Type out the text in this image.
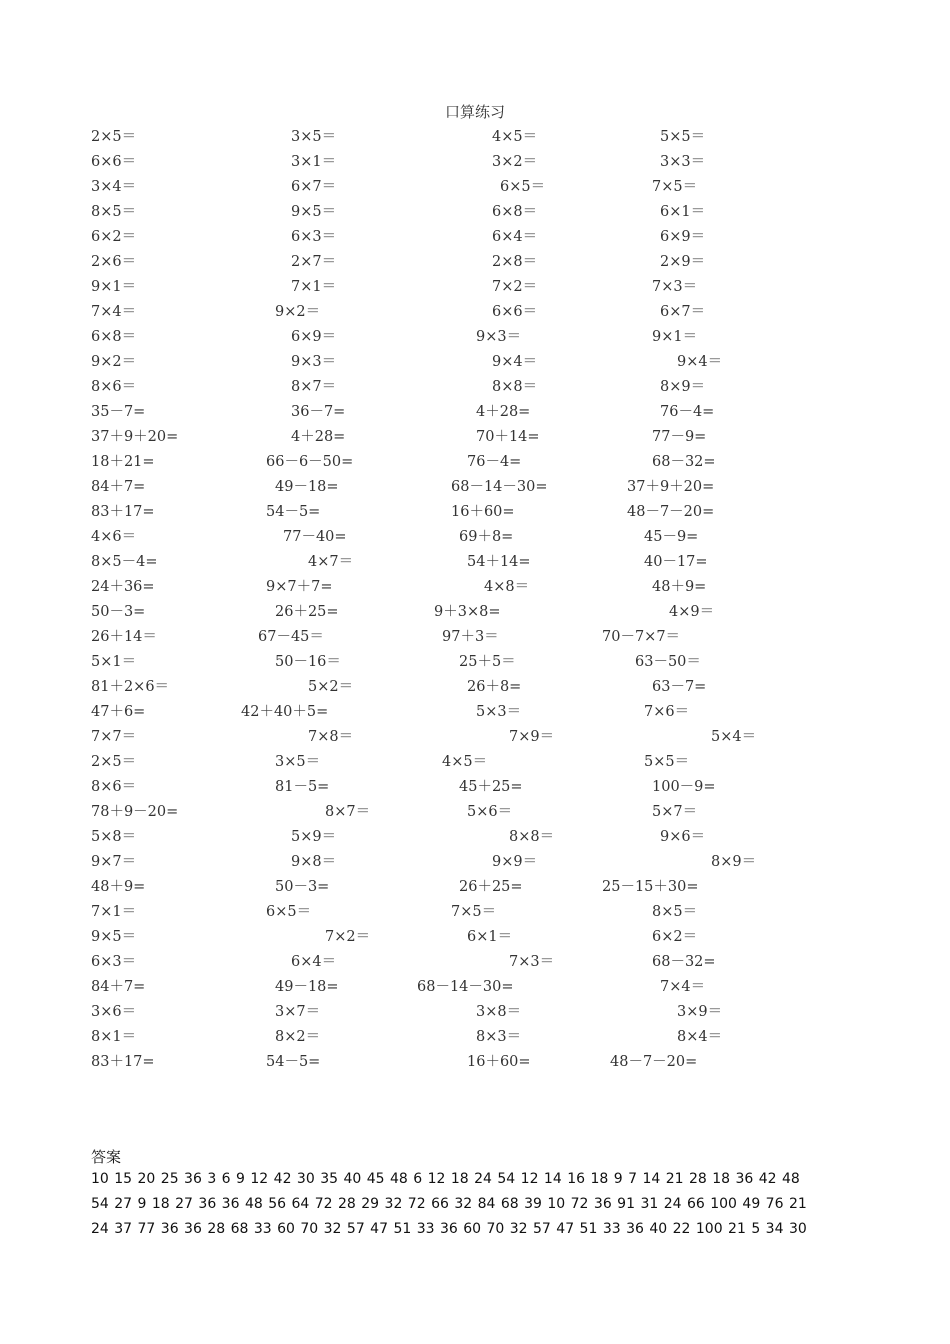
口算练习
2×5＝	3×5＝	4×5＝	5×5＝
6×6＝	3×1＝	3×2＝	3×3＝
3×4＝	6×7＝	6×5＝	7×5＝
8×5＝	9×5＝	6×8＝	6×1＝
6×2＝	6×3＝	6×4＝	6×9＝
2×6＝	2×7＝	2×8＝	2×9＝
9×1＝	7×1＝	7×2＝	7×3＝
7×4＝	9×2＝	6×6＝	6×7＝
6×8＝	6×9＝	9×3＝	9×1＝
9×2＝	9×3＝	9×4＝	9×4＝
8×6＝	8×7＝	8×8＝	8×9＝
35－7=	36－7=	4＋28=	76－4=
37＋9＋20=	4＋28=	70＋14=	77－9=
18＋21=	66－6－50=	76－4=	68－32=
84＋7=	49－18=	68－14－30=	37＋9＋20=
83＋17=	54－5=	16＋60=	48－7－20=
4×6＝	77－40=	69＋8=	45－9=
8×5－4=	4×7＝	54＋14=	40－17=
24＋36=	9×7＋7=	4×8＝	48＋9=
50－3=	26＋25=	9＋3×8=	4×9＝
26＋14＝	67－45＝	97＋3＝	70－7×7＝
5×1＝	50－16＝	25＋5＝	63－50＝
81＋2×6＝	5×2＝	26＋8=	63－7=
47＋6=	42＋40＋5=	5×3＝	7×6＝
7×7＝	7×8＝	7×9＝	5×4＝
2×5＝	3×5＝	4×5＝	5×5＝
8×6＝	81－5=	45＋25=	100－9=
78＋9－20=	8×7＝	5×6＝	5×7＝
5×8＝	5×9＝	8×8＝	9×6＝
9×7＝	9×8＝	9×9＝	8×9＝
48＋9=	50－3=	26＋25=	25－15＋30=
7×1＝	6×5＝	7×5＝	8×5＝
9×5＝	7×2＝	6×1＝	6×2＝
6×3＝	6×4＝	7×3＝	68－32=
84＋7=	49－18=	68－14－30=	7×4＝
3×6＝	3×7＝	3×8＝	3×9＝
8×1＝	8×2＝	8×3＝	8×4＝
83＋17=	54－5=	16＋60=	48－7－20=
答案
10 15 20 25 36 3 6 9 12 42 30 35 40 45 48 6 12 18 24 54 12 14 16 18 9 7 14 21 28 18 36 42 48
54 27 9 18 27 36 36 48 56 64 72 28 29 32 72 66 32 84 68 39 10 72 36 91 31 24 66 100 49 76 21
24 37 77 36 36 28 68 33 60 70 32 57 47 51 33 36 60 70 32 57 47 51 33 36 40 22 100 21 5 34 30
